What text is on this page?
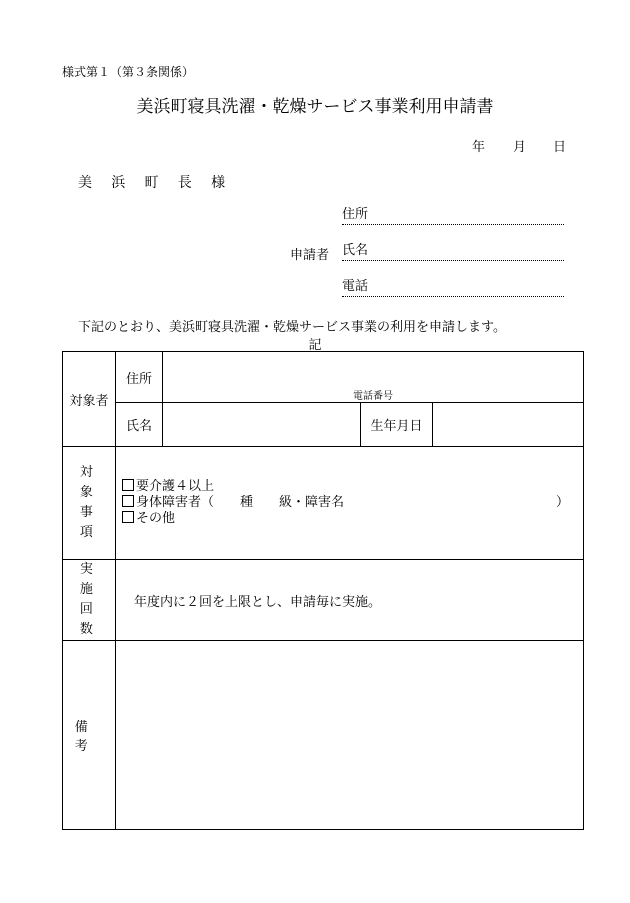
様式第１（第３条関係）
美浜町寝具洗濯・乾燥サービス事業利用申請書
年 月 日
美 浜 町 長 様
住所
申請者 氏名
電話
下記のとおり、美浜町寝具洗濯・乾燥サービス事業の利用を申請します。
記
対象者	住所	電話番号		

	氏名		生年月日	

対　象
事　項	要介護４以上
身体障害者（　　種　　級・障害名 ）
その他			

実　施
回　数	年度内に２回を上限とし、申請毎に実施。			
備考				
